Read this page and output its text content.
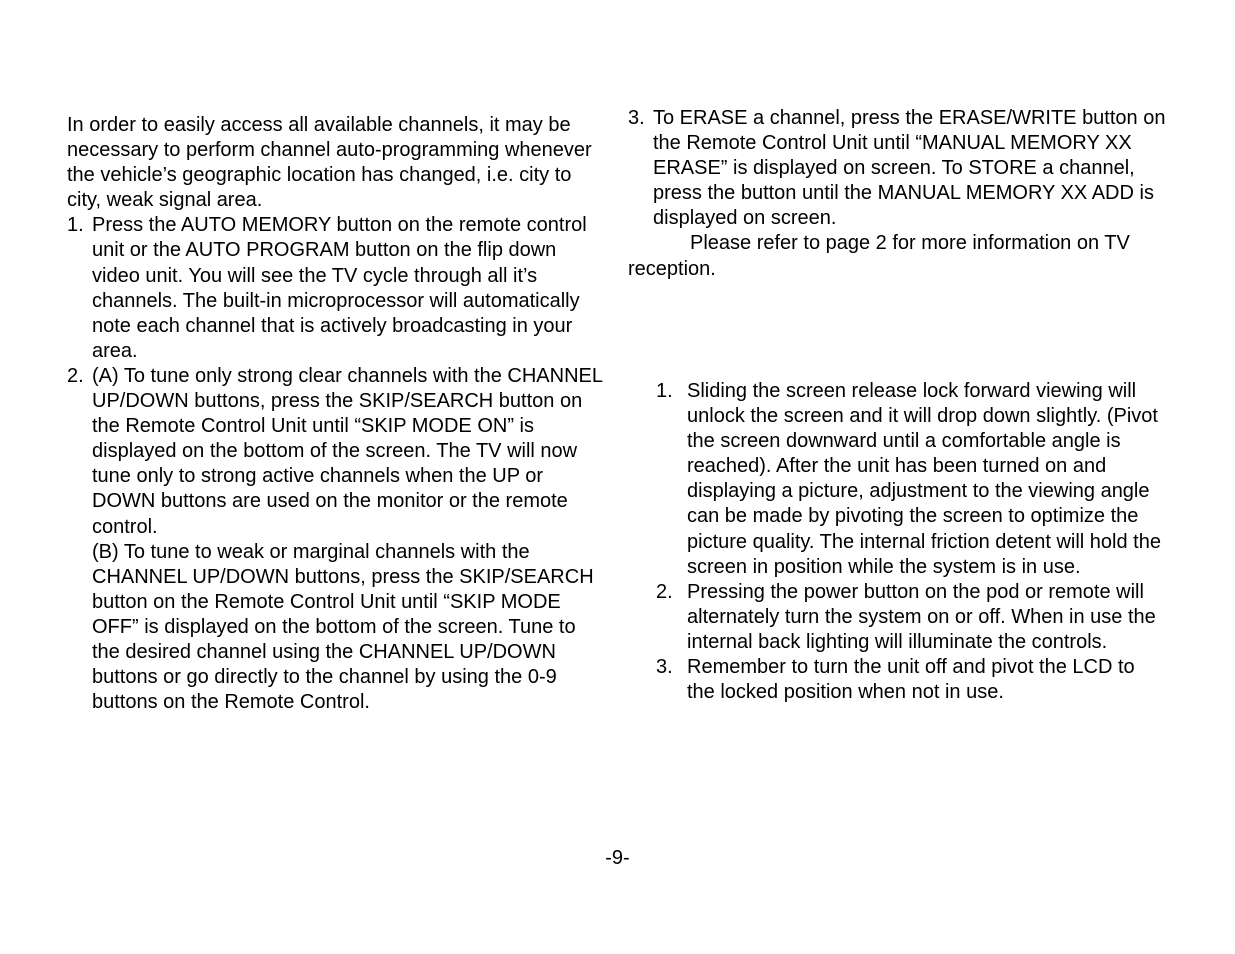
In order to easily access all available channels, it may be necessary to perform channel auto-programming whenever the vehicle’s geographic location has changed, i.e. city to city, weak signal area.

1. Press the AUTO MEMORY button on the remote control unit or the AUTO PROGRAM button on the flip down video unit. You will see the TV cycle through all it’s channels. The built-in microprocessor will automatically note each channel that is actively broadcasting in your area.
2. (A) To tune only strong clear channels with the CHANNEL UP/DOWN buttons, press the SKIP/SEARCH button on the Remote Control Unit until “SKIP MODE ON” is displayed on the bottom of the screen. The TV will now tune only to strong active channels when the UP or DOWN buttons are used on the monitor or the remote control.
(B) To tune to weak or marginal channels with the CHANNEL UP/DOWN buttons, press the SKIP/SEARCH button on the Remote Control Unit until “SKIP MODE OFF” is displayed on the bottom of the screen. Tune to the desired channel using the CHANNEL UP/DOWN buttons or go directly to the channel by using the 0-9 buttons on the Remote Control.
3. To ERASE a channel, press the ERASE/WRITE button on the Remote Control Unit until “MANUAL MEMORY XX ERASE” is displayed on screen. To STORE a channel, press the button until the MANUAL MEMORY XX ADD is displayed on screen.

Please refer to page 2 for more information on TV reception.

1. Sliding the screen release lock forward viewing will unlock the screen and it will drop down slightly. (Pivot the screen downward until a comfortable angle is reached). After the unit has been turned on and displaying a picture, adjustment to the viewing angle can be made by pivoting the screen to optimize the picture quality. The internal friction detent will hold the screen in position while the system is in use.
2. Pressing the power button on the pod or remote will alternately turn the system on or off. When in use the internal back lighting will illuminate the controls.
3. Remember to turn the unit off and pivot the LCD to the locked position when not in use.
-9-
